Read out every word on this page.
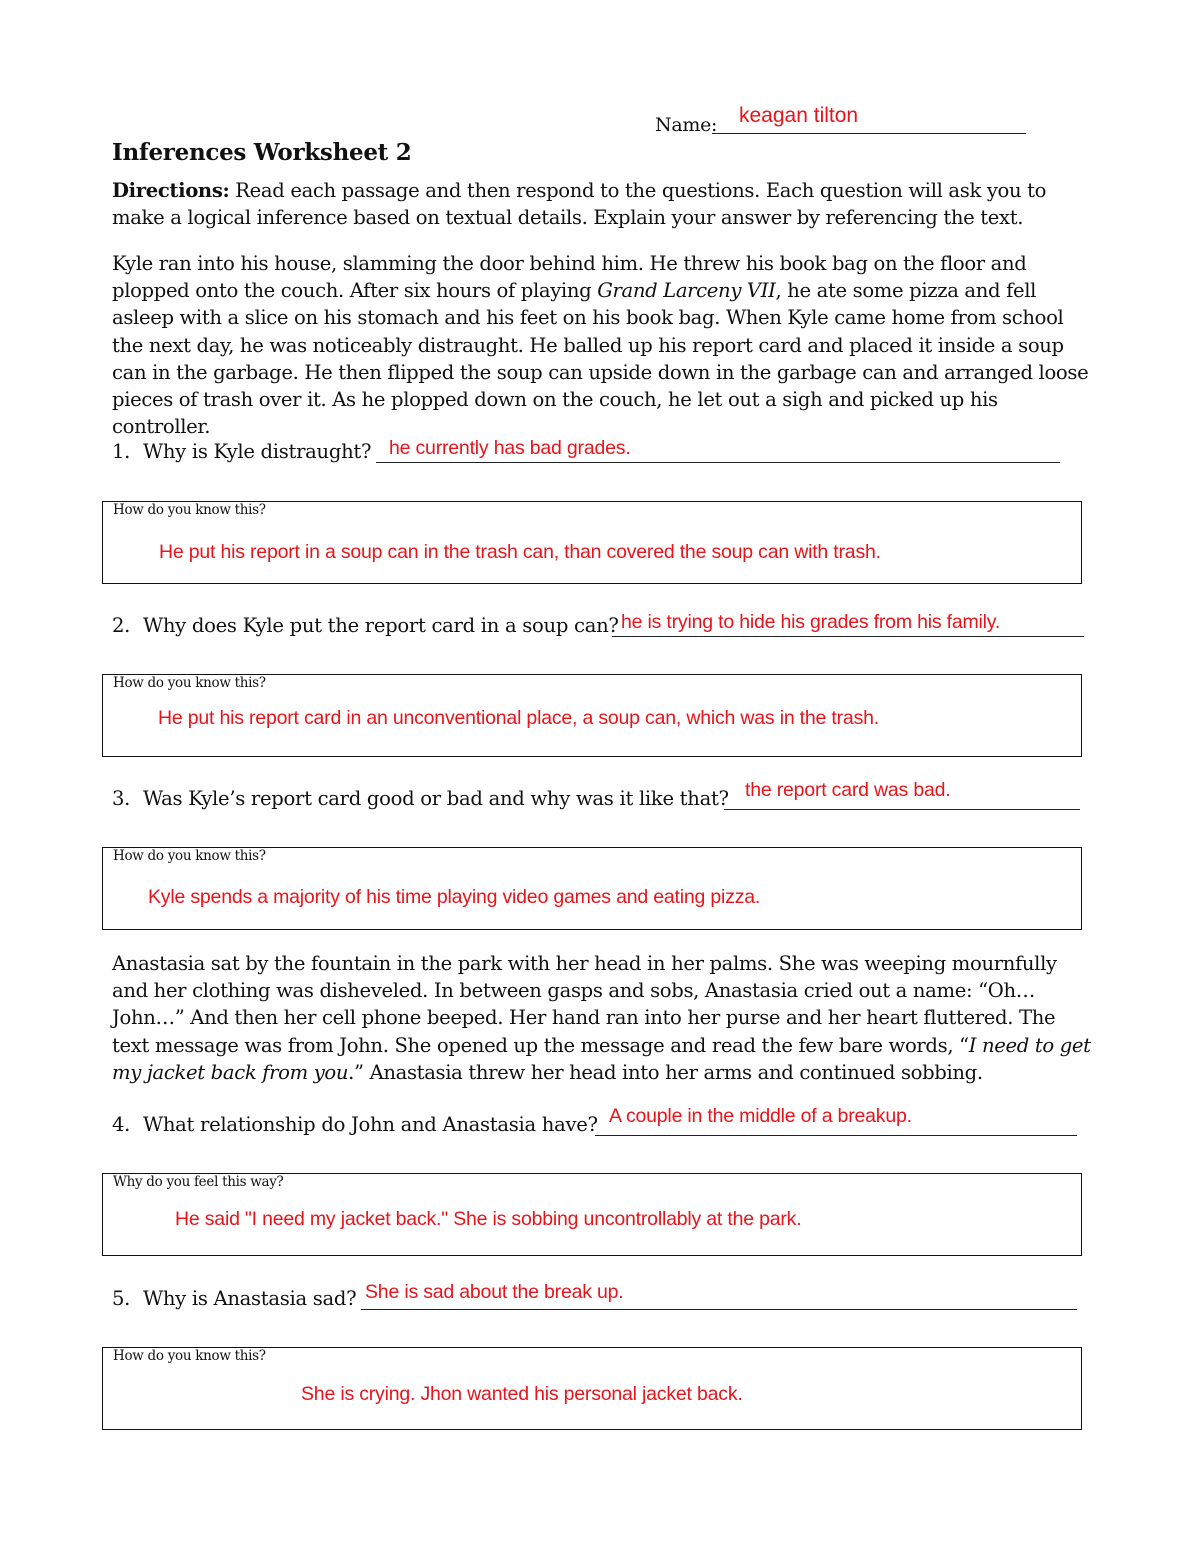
Name: keagan tilton
Inferences Worksheet 2

Directions: Read each passage and then respond to the questions. Each question will ask you to make a logical inference based on textual details. Explain your answer by referencing the text.

Kyle ran into his house, slamming the door behind him. He threw his book bag on the floor and plopped onto the couch. After six hours of playing Grand Larceny VII, he ate some pizza and fell asleep with a slice on his stomach and his feet on his book bag. When Kyle came home from school the next day, he was noticeably distraught. He balled up his report card and placed it inside a soup can in the garbage. He then flipped the soup can upside down in the garbage can and arranged loose pieces of trash over it. As he plopped down on the couch, he let out a sigh and picked up his controller.

1. Why is Kyle distraught? he currently has bad grades.
How do you know this?
He put his report in a soup can in the trash can, than covered the soup can with trash.
2. Why does Kyle put the report card in a soup can? he is trying to hide his grades from his family.
How do you know this?
He put his report card in an unconventional place, a soup can, which was in the trash.
3. Was Kyle’s report card good or bad and why was it like that? the report card was bad.
How do you know this?
Kyle spends a majority of his time playing video games and eating pizza.

Anastasia sat by the fountain in the park with her head in her palms. She was weeping mournfully and her clothing was disheveled. In between gasps and sobs, Anastasia cried out a name: “Oh… John…” And then her cell phone beeped. Her hand ran into her purse and her heart fluttered. The text message was from John. She opened up the message and read the few bare words, “I need to get my jacket back from you.” Anastasia threw her head into her arms and continued sobbing.

4. What relationship do John and Anastasia have? A couple in the middle of a breakup.
Why do you feel this way?
He said "I need my jacket back." She is sobbing uncontrollably at the park.
5. Why is Anastasia sad? She is sad about the break up.
How do you know this?
She is crying. Jhon wanted his personal jacket back.
